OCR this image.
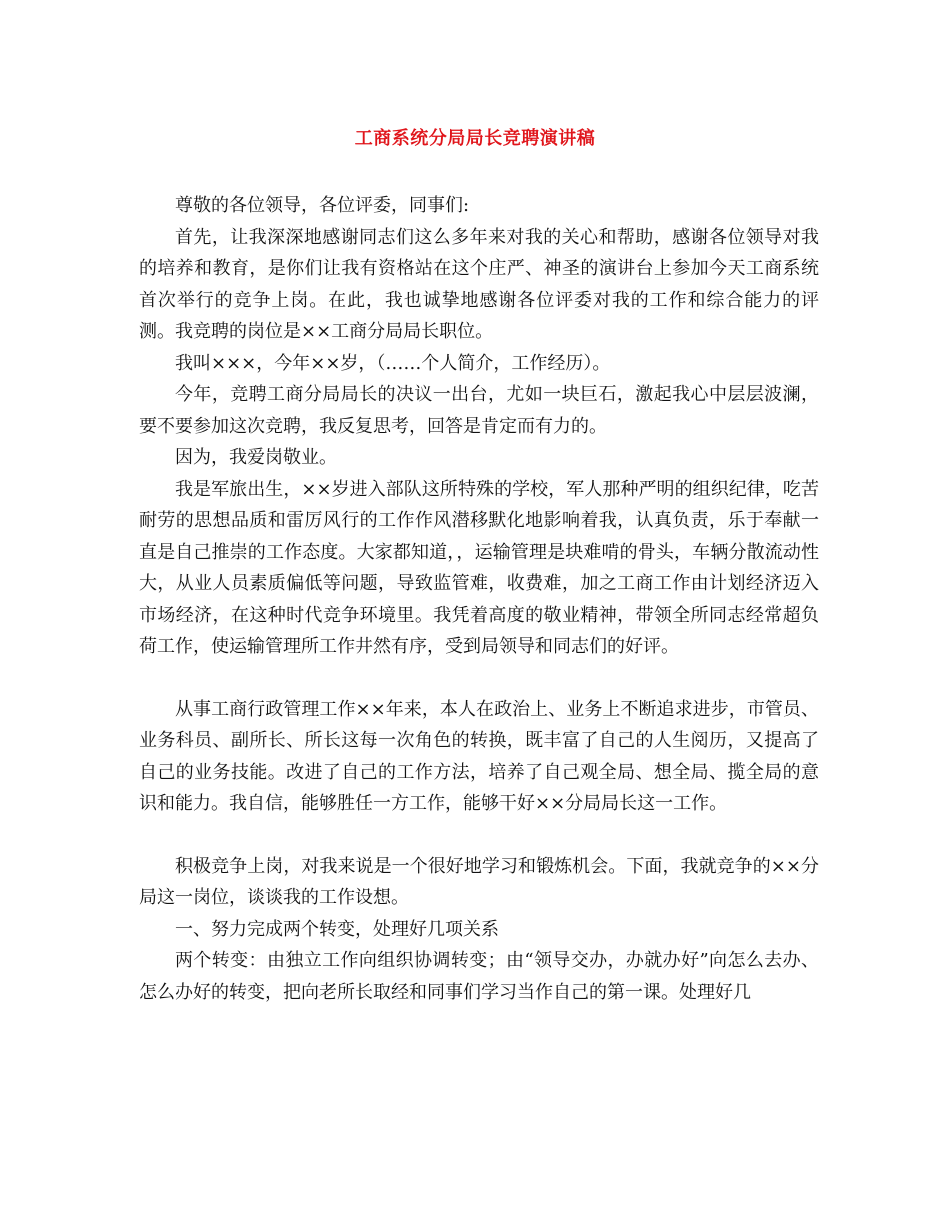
工商系统分局局长竞聘演讲稿

尊敬的各位领导，各位评委，同事们:

首先，让我深深地感谢同志们这么多年来对我的关心和帮助，感谢各位领导对我的培养和教育，是你们让我有资格站在这个庄严、神圣的演讲台上参加今天工商系统首次举行的竞争上岗。在此，我也诚挚地感谢各位评委对我的工作和综合能力的评测。我竞聘的岗位是××工商分局局长职位。

我叫×××，今年××岁，（……个人简介，工作经历）。

今年，竞聘工商分局局长的决议一出台，尤如一块巨石，激起我心中层层波澜，要不要参加这次竞聘，我反复思考，回答是肯定而有力的。

因为，我爱岗敬业。

我是军旅出生，××岁进入部队这所特殊的学校，军人那种严明的组织纪律，吃苦耐劳的思想品质和雷厉风行的工作作风潜移默化地影响着我，认真负责，乐于奉献一直是自己推崇的工作态度。大家都知道，，运输管理是块难啃的骨头，车辆分散流动性大，从业人员素质偏低等问题，导致监管难，收费难，加之工商工作由计划经济迈入市场经济，在这种时代竞争环境里。我凭着高度的敬业精神，带领全所同志经常超负荷工作，使运输管理所工作井然有序，受到局领导和同志们的好评。

从事工商行政管理工作××年来，本人在政治上、业务上不断追求进步，市管员、业务科员、副所长、所长这每一次角色的转换，既丰富了自己的人生阅历，又提高了自己的业务技能。改进了自己的工作方法，培养了自己观全局、想全局、揽全局的意识和能力。我自信，能够胜任一方工作，能够干好××分局局长这一工作。

积极竞争上岗，对我来说是一个很好地学习和锻炼机会。下面，我就竞争的××分局这一岗位，谈谈我的工作设想。

一、努力完成两个转变，处理好几项关系

两个转变：由独立工作向组织协调转变；由“领导交办，办就办好”向怎么去办、怎么办好的转变，把向老所长取经和同事们学习当作自己的第一课。处理好几
